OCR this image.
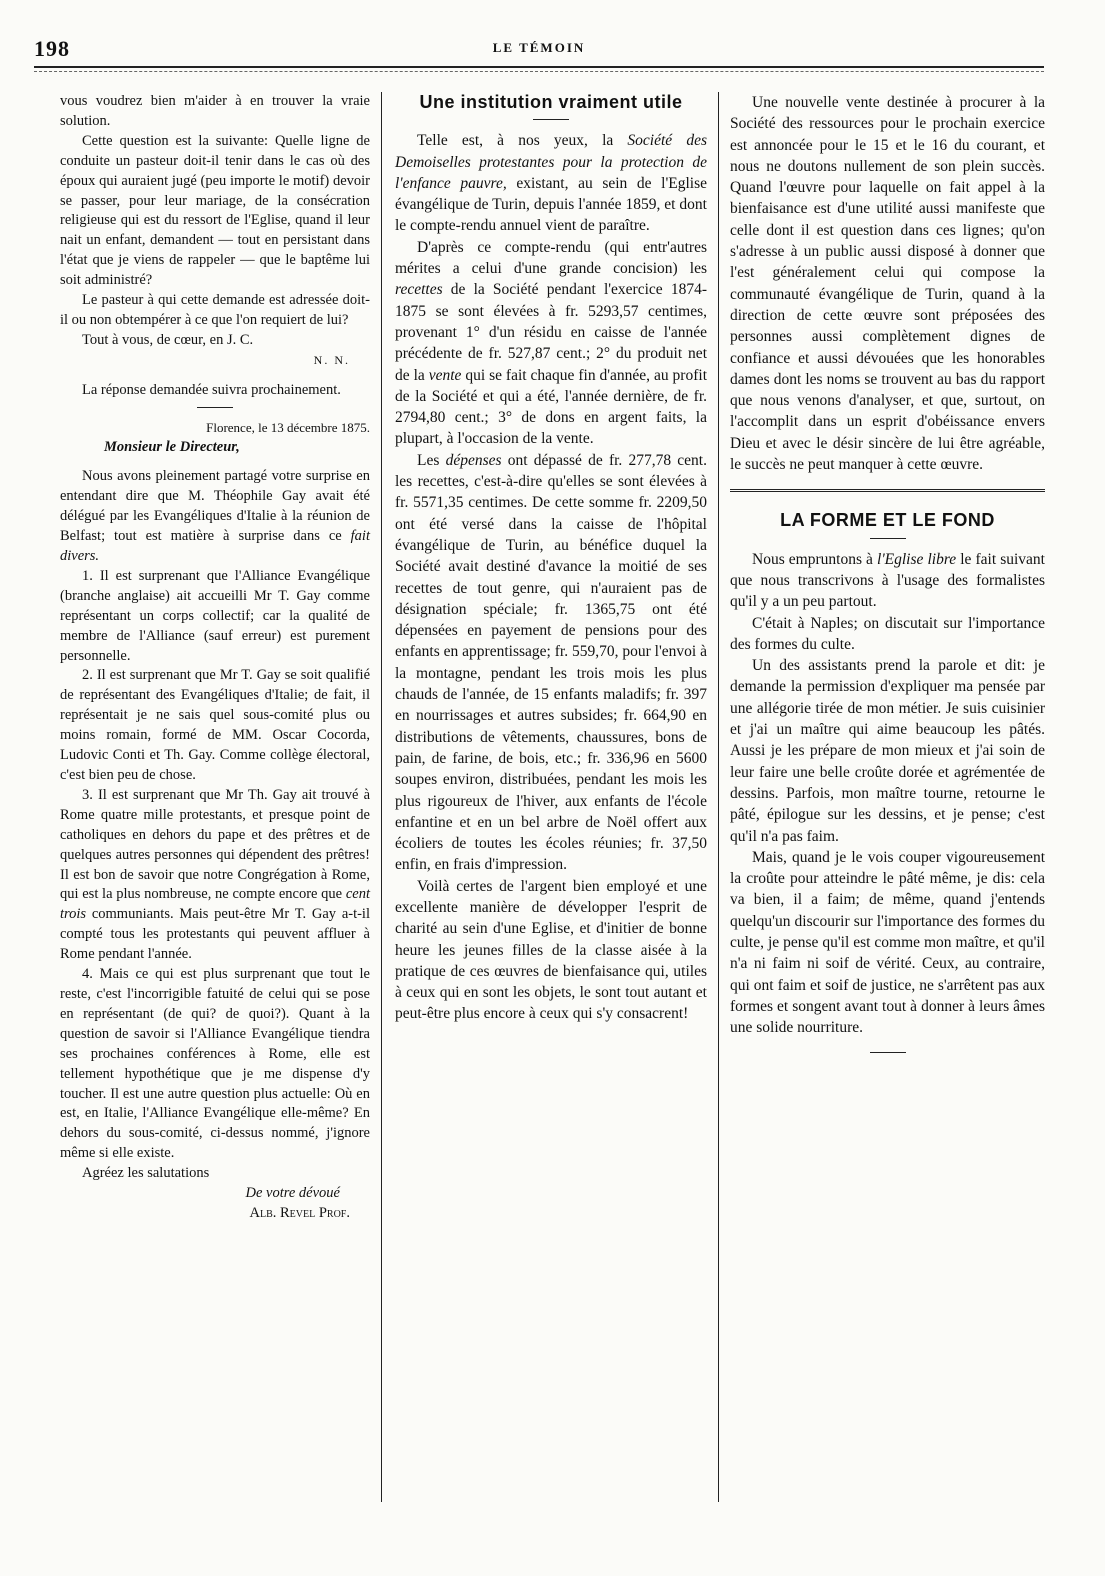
198	LE TÉMOIN

vous voudrez bien m'aider à en trouver la vraie solution.

Cette question est la suivante: Quelle ligne de conduite un pasteur doit-il tenir dans le cas où des époux qui auraient jugé (peu importe le motif) devoir se passer, pour leur mariage, de la consécration religieuse qui est du ressort de l'Eglise, quand il leur nait un enfant, demandent — tout en persistant dans l'état que je viens de rappeler — que le baptême lui soit administré?

Le pasteur à qui cette demande est adressée doit-il ou non obtempérer à ce que l'on requiert de lui?

Tout à vous, de cœur, en J. C.

N. N.

La réponse demandée suivra prochainement.

Florence, le 13 décembre 1875.

Monsieur le Directeur,

Nous avons pleinement partagé votre surprise en entendant dire que M. Théophile Gay avait été délégué par les Evangéliques d'Italie à la réunion de Belfast; tout est matière à surprise dans ce fait divers.

1. Il est surprenant que l'Alliance Evangélique (branche anglaise) ait accueilli Mr T. Gay comme représentant un corps collectif; car la qualité de membre de l'Alliance (sauf erreur) est purement personnelle.

2. Il est surprenant que Mr T. Gay se soit qualifié de représentant des Evangéliques d'Italie; de fait, il représentait je ne sais quel sous-comité plus ou moins romain, formé de MM. Oscar Cocorda, Ludovic Conti et Th. Gay. Comme collège électoral, c'est bien peu de chose.

3. Il est surprenant que Mr Th. Gay ait trouvé à Rome quatre mille protestants, et presque point de catholiques en dehors du pape et des prêtres et de quelques autres personnes qui dépendent des prêtres! Il est bon de savoir que notre Congrégation à Rome, qui est la plus nombreuse, ne compte encore que cent trois communiants. Mais peut-être Mr T. Gay a-t-il compté tous les protestants qui peuvent affluer à Rome pendant l'année.

4. Mais ce qui est plus surprenant que tout le reste, c'est l'incorrigible fatuité de celui qui se pose en représentant (de qui? de quoi?). Quant à la question de savoir si l'Alliance Evangélique tiendra ses prochaines conférences à Rome, elle est tellement hypothétique que je me dispense d'y toucher. Il est une autre question plus actuelle: Où en est, en Italie, l'Alliance Evangélique elle-même? En dehors du sous-comité, ci-dessus nommé, j'ignore même si elle existe.

Agréez les salutations

De votre dévoué

Alb. Revel Prof.

Une institution vraiment utile

Telle est, à nos yeux, la Société des Demoiselles protestantes pour la protection de l'enfance pauvre, existant, au sein de l'Eglise évangélique de Turin, depuis l'année 1859, et dont le compte-rendu annuel vient de paraître.

D'après ce compte-rendu (qui entr'autres mérites a celui d'une grande concision) les recettes de la Société pendant l'exercice 1874-1875 se sont élevées à fr. 5293,57 centimes, provenant 1° d'un résidu en caisse de l'année précédente de fr. 527,87 cent.; 2° du produit net de la vente qui se fait chaque fin d'année, au profit de la Société et qui a été, l'année dernière, de fr. 2794,80 cent.; 3° de dons en argent faits, la plupart, à l'occasion de la vente.

Les dépenses ont dépassé de fr. 277,78 cent. les recettes, c'est-à-dire qu'elles se sont élevées à fr. 5571,35 centimes. De cette somme fr. 2209,50 ont été versé dans la caisse de l'hôpital évangélique de Turin, au bénéfice duquel la Société avait destiné d'avance la moitié de ses recettes de tout genre, qui n'auraient pas de désignation spéciale; fr. 1365,75 ont été dépensées en payement de pensions pour des enfants en apprentissage; fr. 559,70, pour l'envoi à la montagne, pendant les trois mois les plus chauds de l'année, de 15 enfants maladifs; fr. 397 en nourrissages et autres subsides; fr. 664,90 en distributions de vêtements, chaussures, bons de pain, de farine, de bois, etc.; fr. 336,96 en 5600 soupes environ, distribuées, pendant les mois les plus rigoureux de l'hiver, aux enfants de l'école enfantine et en un bel arbre de Noël offert aux écoliers de toutes les écoles réunies; fr. 37,50 enfin, en frais d'impression.

Voilà certes de l'argent bien employé et une excellente manière de développer l'esprit de charité au sein d'une Eglise, et d'initier de bonne heure les jeunes filles de la classe aisée à la pratique de ces œuvres de bienfaisance qui, utiles à ceux qui en sont les objets, le sont tout autant et peut-être plus encore à ceux qui s'y consacrent!

Une nouvelle vente destinée à procurer à la Société des ressources pour le prochain exercice est annoncée pour le 15 et le 16 du courant, et nous ne doutons nullement de son plein succès. Quand l'œuvre pour laquelle on fait appel à la bienfaisance est d'une utilité aussi manifeste que celle dont il est question dans ces lignes; qu'on s'adresse à un public aussi disposé à donner que l'est généralement celui qui compose la communauté évangélique de Turin, quand à la direction de cette œuvre sont préposées des personnes aussi complètement dignes de confiance et aussi dévouées que les honorables dames dont les noms se trouvent au bas du rapport que nous venons d'analyser, et que, surtout, on l'accomplit dans un esprit d'obéissance envers Dieu et avec le désir sincère de lui être agréable, le succès ne peut manquer à cette œuvre.

LA FORME ET LE FOND

Nous empruntons à l'Eglise libre le fait suivant que nous transcrivons à l'usage des formalistes qu'il y a un peu partout.

C'était à Naples; on discutait sur l'importance des formes du culte.

Un des assistants prend la parole et dit: je demande la permission d'expliquer ma pensée par une allégorie tirée de mon métier. Je suis cuisinier et j'ai un maître qui aime beaucoup les pâtés. Aussi je les prépare de mon mieux et j'ai soin de leur faire une belle croûte dorée et agrémentée de dessins. Parfois, mon maître tourne, retourne le pâté, épilogue sur les dessins, et je pense; c'est qu'il n'a pas faim.

Mais, quand je le vois couper vigoureusement la croûte pour atteindre le pâté même, je dis: cela va bien, il a faim; de même, quand j'entends quelqu'un discourir sur l'importance des formes du culte, je pense qu'il est comme mon maître, et qu'il n'a ni faim ni soif de vérité. Ceux, au contraire, qui ont faim et soif de justice, ne s'arrêtent pas aux formes et songent avant tout à donner à leurs âmes une solide nourriture.
